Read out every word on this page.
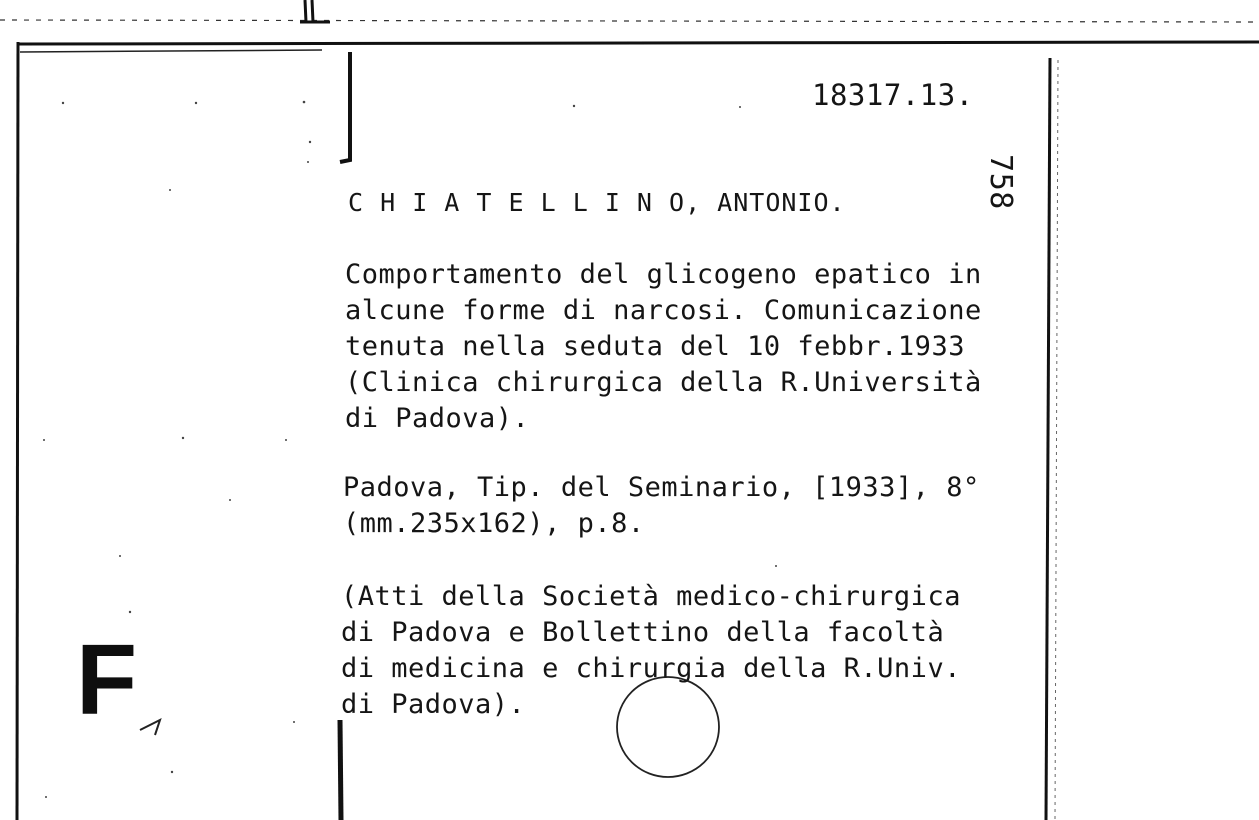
18317.13.
758
C H I A T E L L I N O, ANTONIO.
Comportamento del glicogeno epatico in
alcune forme di narcosi. Comunicazione
tenuta nella seduta del 10 febbr.1933
(Clinica chirurgica della R.Università
di Padova).
Padova, Tip. del Seminario, [1933], 8°
(mm.235x162), p.8.
(Atti della Società medico-chirurgica
di Padova e Bollettino della facoltà
di medicina e chirurgia della R.Univ.
di Padova).
F
